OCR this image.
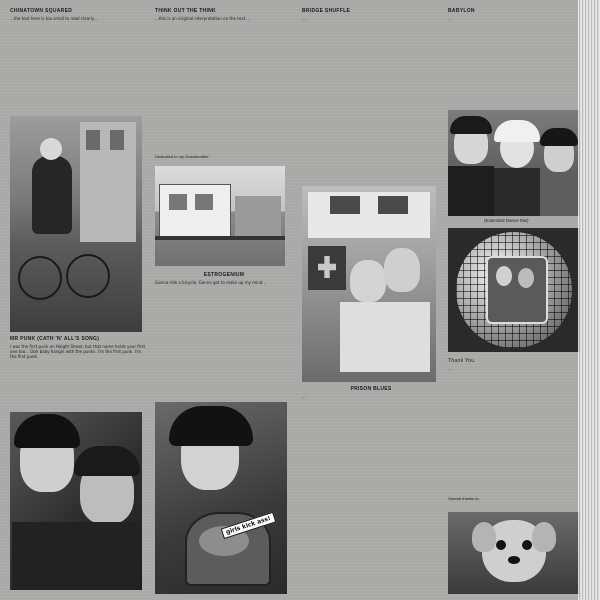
CHINATOWN SQUARED

...the text here is too small to read clearly...

MR PUNK (CATH 'N' ALL'S SONG)

I was the first punk on Haight Street, but that name holds your first one too... Ooh baby hangin with the punks. I'm the first punk. I'm the first punk.

THINK OUT THE THINK

...this is an original interpretation on the text...

Dedicated to my Grandmother.
ESTROGENIUM

Gonna ride a bicycle. Gonna get to make up my mind...

girls kick ass!
BRIDGE SHUFFLE

...

PRISON BLUES

...

BABYLON

...

(Extended Dance Mix)
Thank You

...

Special thanks to:
